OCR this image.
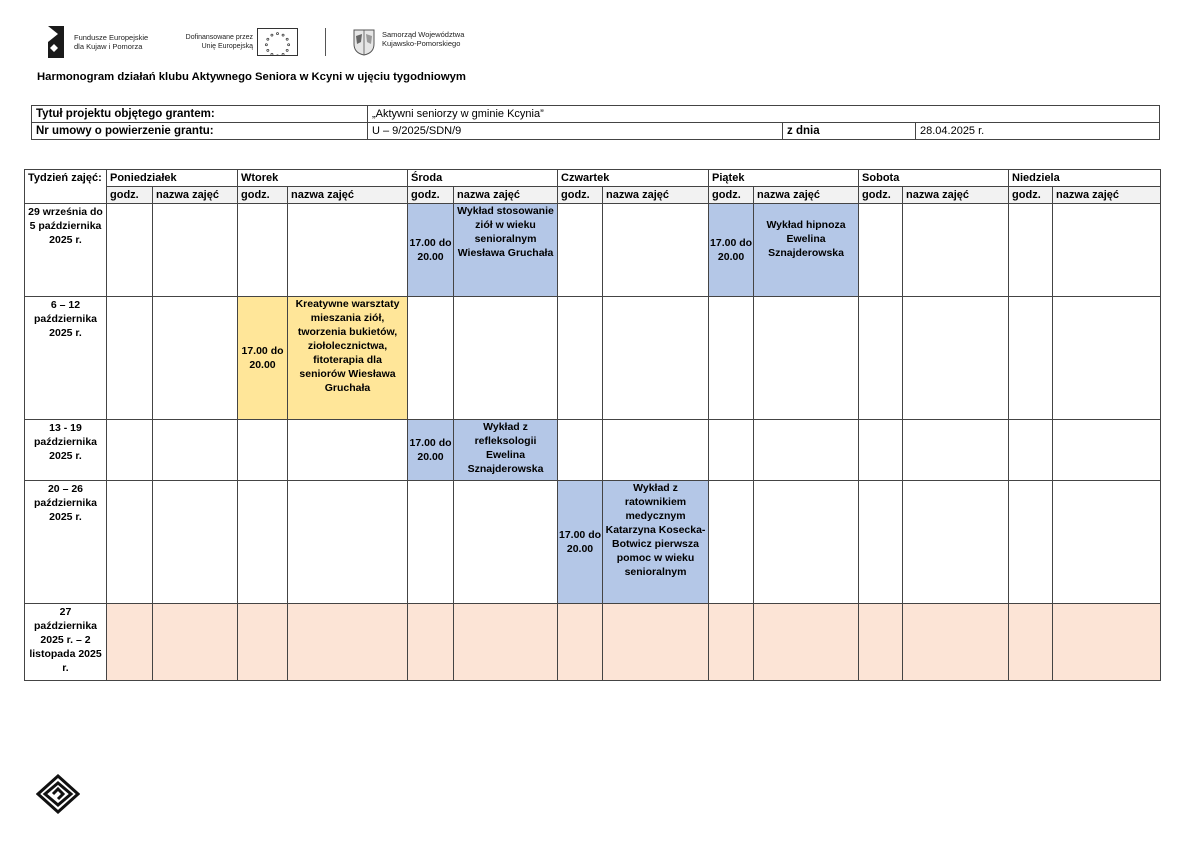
Fundusze Europejskie
dla Kujaw i Pomorza
Dofinansowane przez
Unię Europejską
Samorząd Województwa
Kujawsko-Pomorskiego
Harmonogram działań klubu Aktywnego Seniora w Kcyni w ujęciu tygodniowym
Tytuł projektu objętego grantem:	„Aktywni seniorzy w gminie Kcynia”		
Nr umowy o powierzenie grantu:	U – 9/2025/SDN/9	z dnia	28.04.2025 r.
Tydzień zajęć:	Poniedziałek		Wtorek		Środa		Czwartek		Piątek		Sobota		Niedziela	
	godz.	nazwa zajęć	godz.	nazwa zajęć	godz.	nazwa zajęć	godz.	nazwa zajęć	godz.	nazwa zajęć	godz.	nazwa zajęć	godz.	nazwa zajęć
29 września do 5 października 2025 r.					17.00 do 20.00	Wykład stosowanie ziół w wieku senioralnym Wiesława Gruchała			17.00 do 20.00	Wykład hipnoza Ewelina Sznajderowska				
6 – 12 października 2025 r.			17.00 do 20.00	Kreatywne warsztaty mieszania ziół, tworzenia bukietów, ziołolecznictwa, fitoterapia dla seniorów Wiesława Gruchała										
13 - 19 października 2025 r.					17.00 do 20.00	Wykład z refleksologii Ewelina Sznajderowska								
20 – 26 października 2025 r.							17.00 do 20.00	Wykład z ratownikiem medycznym Katarzyna Kosecka-Botwicz pierwsza pomoc w wieku senioralnym						
27 października 2025 r. – 2 listopada 2025 r.														
